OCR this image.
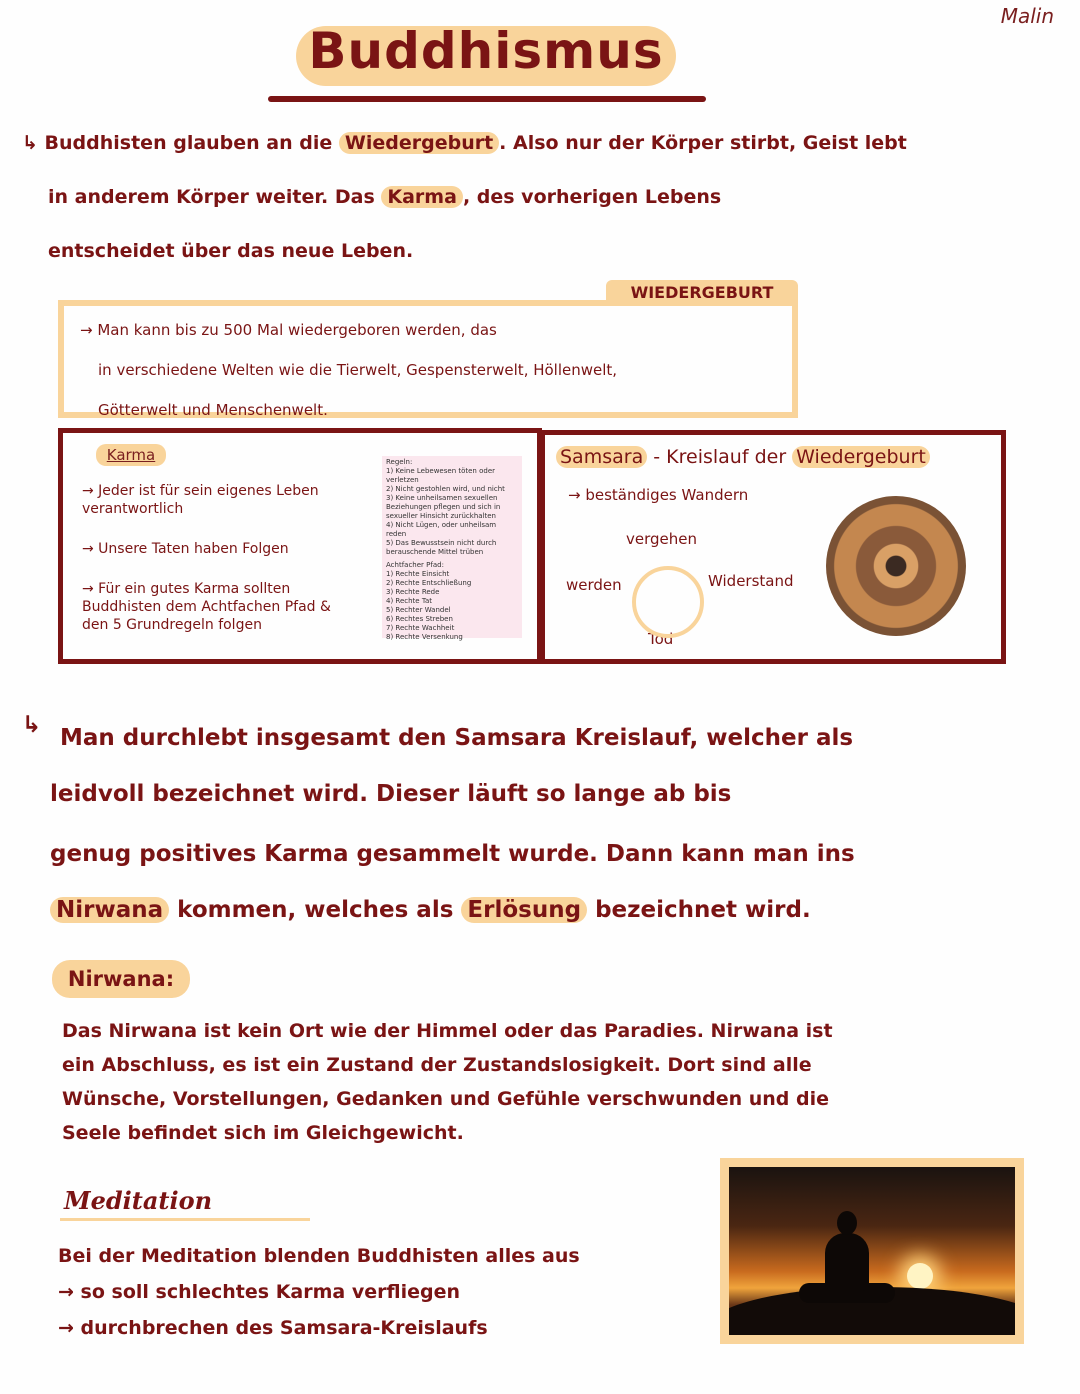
Malin
Buddhismus
↳ Buddhisten glauben an die Wiedergeburt . Also nur der Körper stirbt, Geist lebt
in anderem Körper weiter. Das Karma , des vorherigen Lebens
entscheidet über das neue Leben.
WIEDERGEBURT
→ Man kann bis zu 500 Mal wiedergeboren werden, das
in verschiedene Welten wie die Tierwelt, Gespensterwelt, Höllenwelt,
Götterwelt und Menschenwelt.
Karma
→ Jeder ist für sein eigenes Leben verantwortlich
→ Unsere Taten haben Folgen
→ Für ein gutes Karma sollten Buddhisten dem Achtfachen Pfad & den 5 Grundregeln folgen
Regeln:
1) Keine Lebewesen töten oder verletzen
2) Nicht gestohlen wird, und nicht
3) Keine unheilsamen sexuellen Beziehungen pflegen und sich in sexueller Hinsicht zurückhalten
4) Nicht Lügen, oder unheilsam reden
5) Das Bewusstsein nicht durch berauschende Mittel trüben
Achtfacher Pfad:
1) Rechte Einsicht
2) Rechte Entschließung
3) Rechte Rede
4) Rechte Tat
5) Rechter Wandel
6) Rechtes Streben
7) Rechte Wachheit
8) Rechte Versenkung
Samsara - Kreislauf der Wiedergeburt
→ beständiges Wandern
vergehen
werden	Widerstand
Tod
↳ Man durchlebt insgesamt den Samsara Kreislauf, welcher als
leidvoll bezeichnet wird. Dieser läuft so lange ab bis
genug positives Karma gesammelt wurde. Dann kann man ins
Nirwana kommen, welches als Erlösung bezeichnet wird.
Nirwana:
Das Nirwana ist kein Ort wie der Himmel oder das Paradies. Nirwana ist
ein Abschluss, es ist ein Zustand der Zustandslosigkeit. Dort sind alle
Wünsche, Vorstellungen, Gedanken und Gefühle verschwunden und die
Seele befindet sich im Gleichgewicht.
Meditation
Bei der Meditation blenden Buddhisten alles aus
→ so soll schlechtes Karma verfliegen
→ durchbrechen des Samsara-Kreislaufs
